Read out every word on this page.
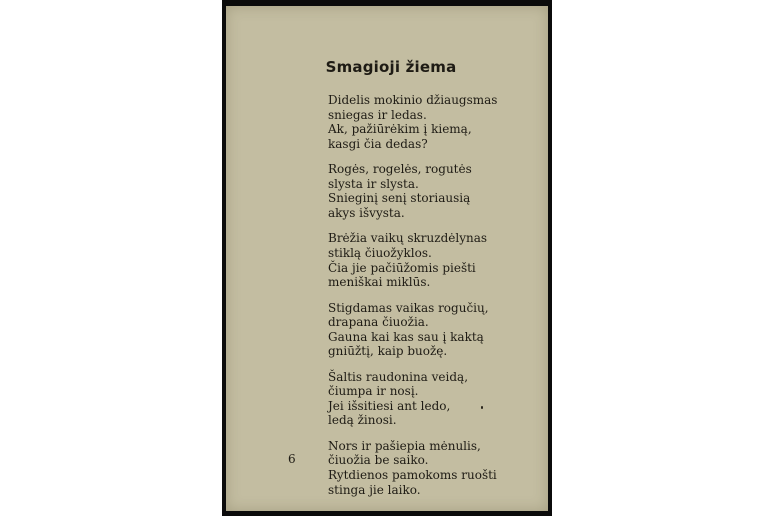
Smagioji žiema
Didelis mokinio džiaugsmas
sniegas ir ledas.
Ak, pažiūrėkim į kiemą,
kasgi čia dedas?
Rogės, rogelės, rogutės
slysta ir slysta.
Snieginį senį storiausią
akys išvysta.
Brėžia vaikų skruzdėlynas
stiklą čiuožyklos.
Čia jie pačiūžomis piešti
meniškai miklūs.
Stigdamas vaikas rogučių,
drapana čiuožia.
Gauna kai kas sau į kaktą
gniūžtį, kaip buožę.
Šaltis raudonina veidą,
čiumpa ir nosį.
Jei išsitiesi ant ledo,
ledą žinosi.
Nors ir pašiepia mėnulis,
čiuožia be saiko.
Rytdienos pamokoms ruošti
stinga jie laiko.
6
